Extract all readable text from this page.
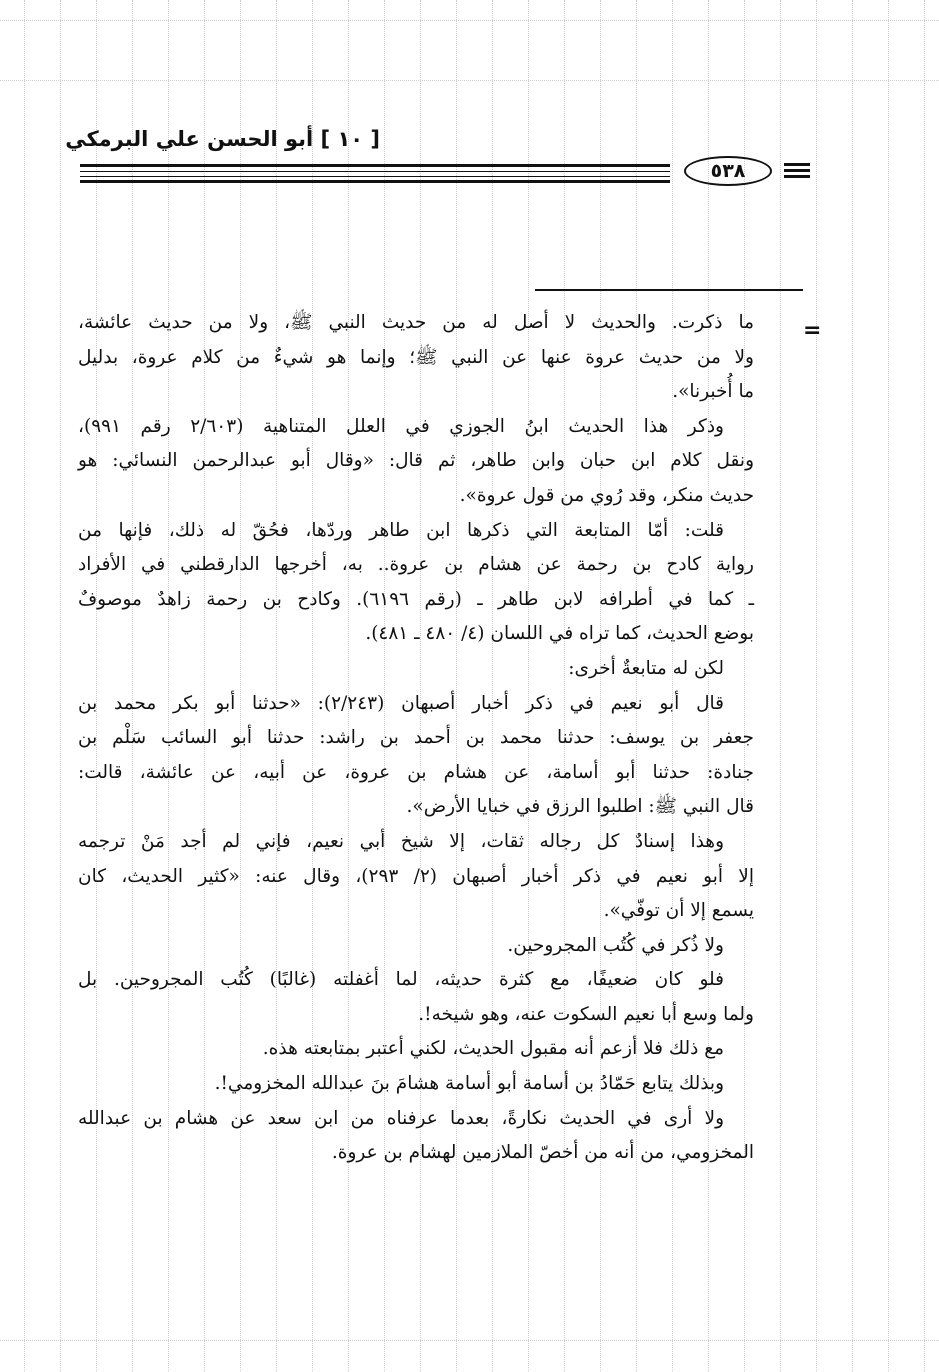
[ ١٠ ] أبو الحسن علي البرمكي
٥٣٨
=
ما ذكرت. والحديث لا أصل له من حديث النبي ﷺ، ولا من حديث عائشة،
ولا من حديث عروة عنها عن النبي ﷺ؛ وإنما هو شيءٌ من كلام عروة، بدليل
ما أُخبرنا».
وذكر هذا الحديث ابنُ الجوزي في العلل المتناهية (٢/٦٠٣ رقم ٩٩١)،
ونقل كلام ابن حبان وابن طاهر، ثم قال: «وقال أبو عبدالرحمن النسائي: هو
حديث منكر، وقد رُوي من قول عروة».
قلت: أمّا المتابعة التي ذكرها ابن طاهر وردّها، فحُقّ له ذلك، فإنها من
رواية كادح بن رحمة عن هشام بن عروة.. به، أخرجها الدارقطني في الأفراد
ـ كما في أطرافه لابن طاهر ـ (رقم ٦١٩٦). وكادح بن رحمة زاهدٌ موصوفٌ
بوضع الحديث، كما تراه في اللسان (٤/ ٤٨٠ ـ ٤٨١).
لكن له متابعةٌ أخرى:
قال أبو نعيم في ذكر أخبار أصبهان (٢/٢٤٣): «حدثنا أبو بكر محمد بن
جعفر بن يوسف: حدثنا محمد بن أحمد بن راشد: حدثنا أبو السائب سَلْم بن
جنادة: حدثنا أبو أسامة، عن هشام بن عروة، عن أبيه، عن عائشة، قالت:
قال النبي ﷺ: اطلبوا الرزق في خبايا الأرض».
وهذا إسنادٌ كل رجاله ثقات، إلا شيخ أبي نعيم، فإني لم أجد مَنْ ترجمه
إلا أبو نعيم في ذكر أخبار أصبهان (٢/ ٢٩٣)، وقال عنه: «كثير الحديث، كان
يسمع إلا أن توفّي».
ولا ذُكر في كُتُب المجروحين.
فلو كان ضعيفًا، مع كثرة حديثه، لما أغفلته (غالبًا) كُتُب المجروحين. بل
ولما وسع أبا نعيم السكوت عنه، وهو شيخه!.
مع ذلك فلا أزعم أنه مقبول الحديث، لكني أعتبر بمتابعته هذه.
وبذلك يتابع حَمّادُ بن أسامة أبو أسامة هشامَ بنَ عبدالله المخزومي!.
ولا أرى في الحديث نكارةً، بعدما عرفناه من ابن سعد عن هشام بن عبدالله
المخزومي، من أنه من أخصّ الملازمين لهشام بن عروة.
